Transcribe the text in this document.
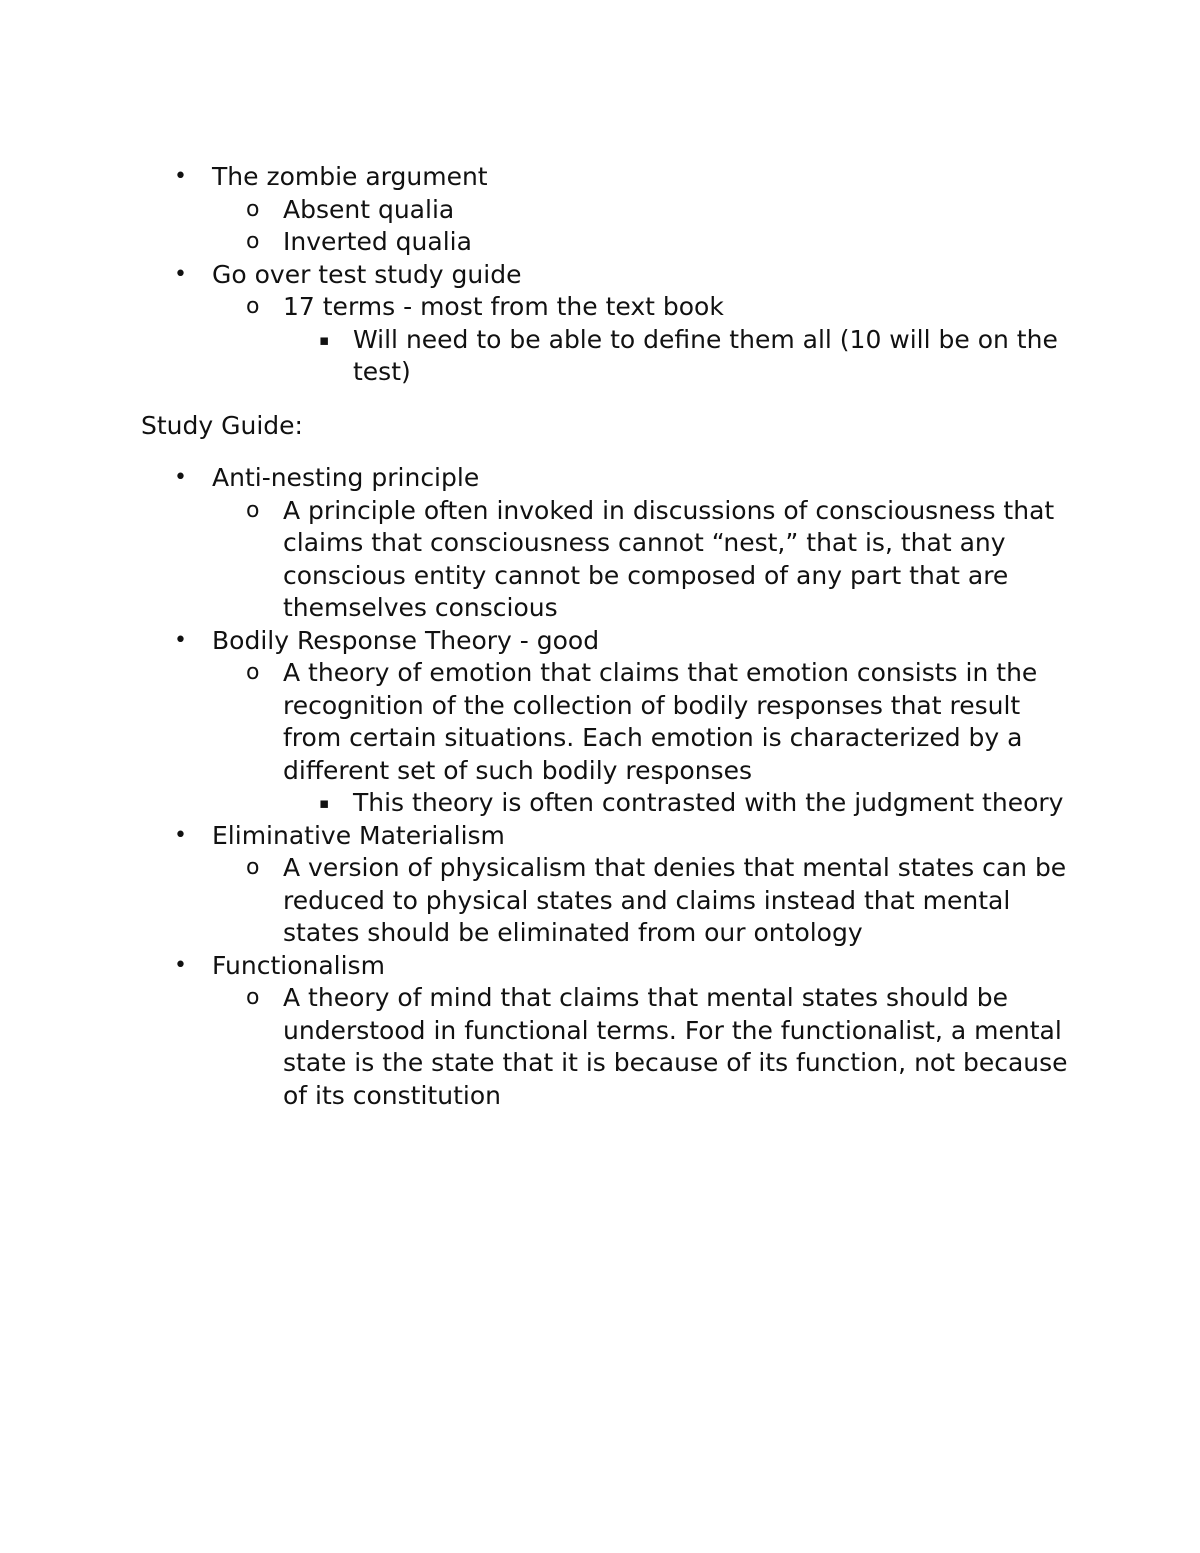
• The zombie argument
o Absent qualia
o Inverted qualia
• Go over test study guide
o 17 terms - most from the text book
▪ Will need to be able to define them all (10 will be on the test)
Study Guide:
• Anti-nesting principle
o A principle often invoked in discussions of consciousness that claims that consciousness cannot “nest,” that is, that any conscious entity cannot be composed of any part that are themselves conscious
• Bodily Response Theory - good
o A theory of emotion that claims that emotion consists in the recognition of the collection of bodily responses that result from certain situations. Each emotion is characterized by a different set of such bodily responses
▪ This theory is often contrasted with the judgment theory
• Eliminative Materialism
o A version of physicalism that denies that mental states can be reduced to physical states and claims instead that mental states should be eliminated from our ontology
• Functionalism
o A theory of mind that claims that mental states should be understood in functional terms. For the functionalist, a mental state is the state that it is because of its function, not because of its constitution
